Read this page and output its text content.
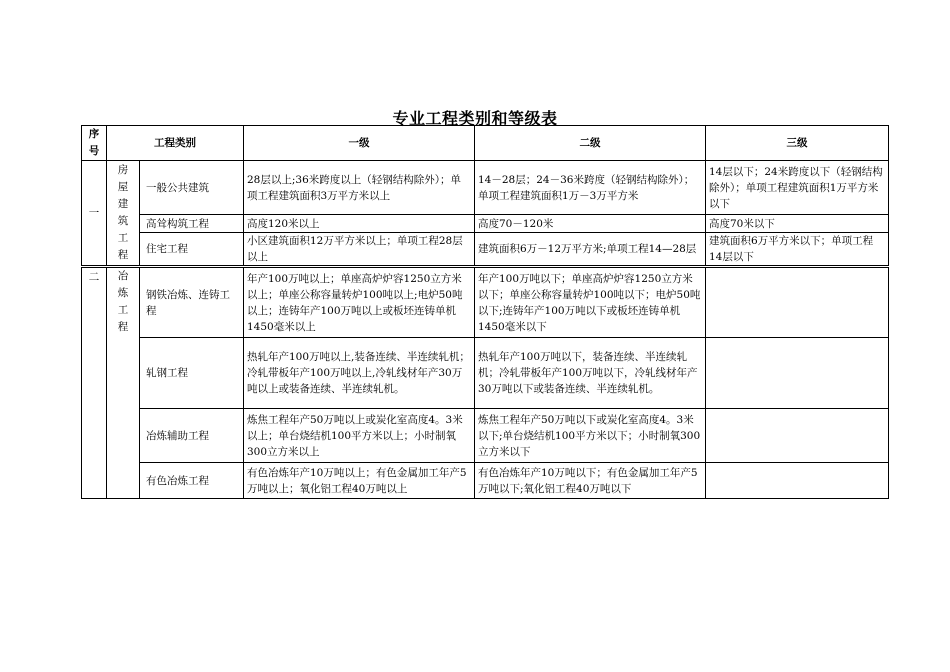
专业工程类别和等级表
序号	工程类别		一级	二级	三级
一	房屋建筑工程	一般公共建筑	28层以上;36米跨度以上（轻钢结构除外）；单项工程建筑面积3万平方米以上	14－28层；24－36米跨度（轻钢结构除外）；单项工程建筑面积1万－3万平方米	14层以下；24米跨度以下（轻钢结构除外）；单项工程建筑面积1万平方米以下
		高耸构筑工程	高度120米以上	高度70－120米	高度70米以下
		住宅工程	小区建筑面积12万平方米以上；单项工程28层以上	建筑面积6万－12万平方米;单项工程14—28层	建筑面积6万平方米以下；单项工程14层以下
二	冶炼工程	钢铁冶炼、连铸工程	年产100万吨以上；单座高炉炉容1250立方米以上；单座公称容量转炉100吨以上;电炉50吨以上；连铸年产100万吨以上或板坯连铸单机1450毫米以上	年产100万吨以下；单座高炉炉容1250立方米以下；单座公称容量转炉100吨以下；电炉50吨以下;连铸年产100万吨以下或板坯连铸单机1450毫米以下	
		轧钢工程	热轧年产100万吨以上,装备连续、半连续轧机；冷轧带板年产100万吨以上,冷轧线材年产30万吨以上或装备连续、半连续轧机。	热轧年产100万吨以下，装备连续、半连续轧机；冷轧带板年产100万吨以下，冷轧线材年产30万吨以下或装备连续、半连续轧机。	
		冶炼辅助工程	炼焦工程年产50万吨以上或炭化室高度4。3米以上；单台烧结机100平方米以上；小时制氧300立方米以上	炼焦工程年产50万吨以下或炭化室高度4。3米以下;单台烧结机100平方米以下；小时制氧300立方米以下	
		有色冶炼工程	有色冶炼年产10万吨以上；有色金属加工年产5万吨以上；氧化铝工程40万吨以上	有色冶炼年产10万吨以下；有色金属加工年产5万吨以下;氧化铝工程40万吨以下	
